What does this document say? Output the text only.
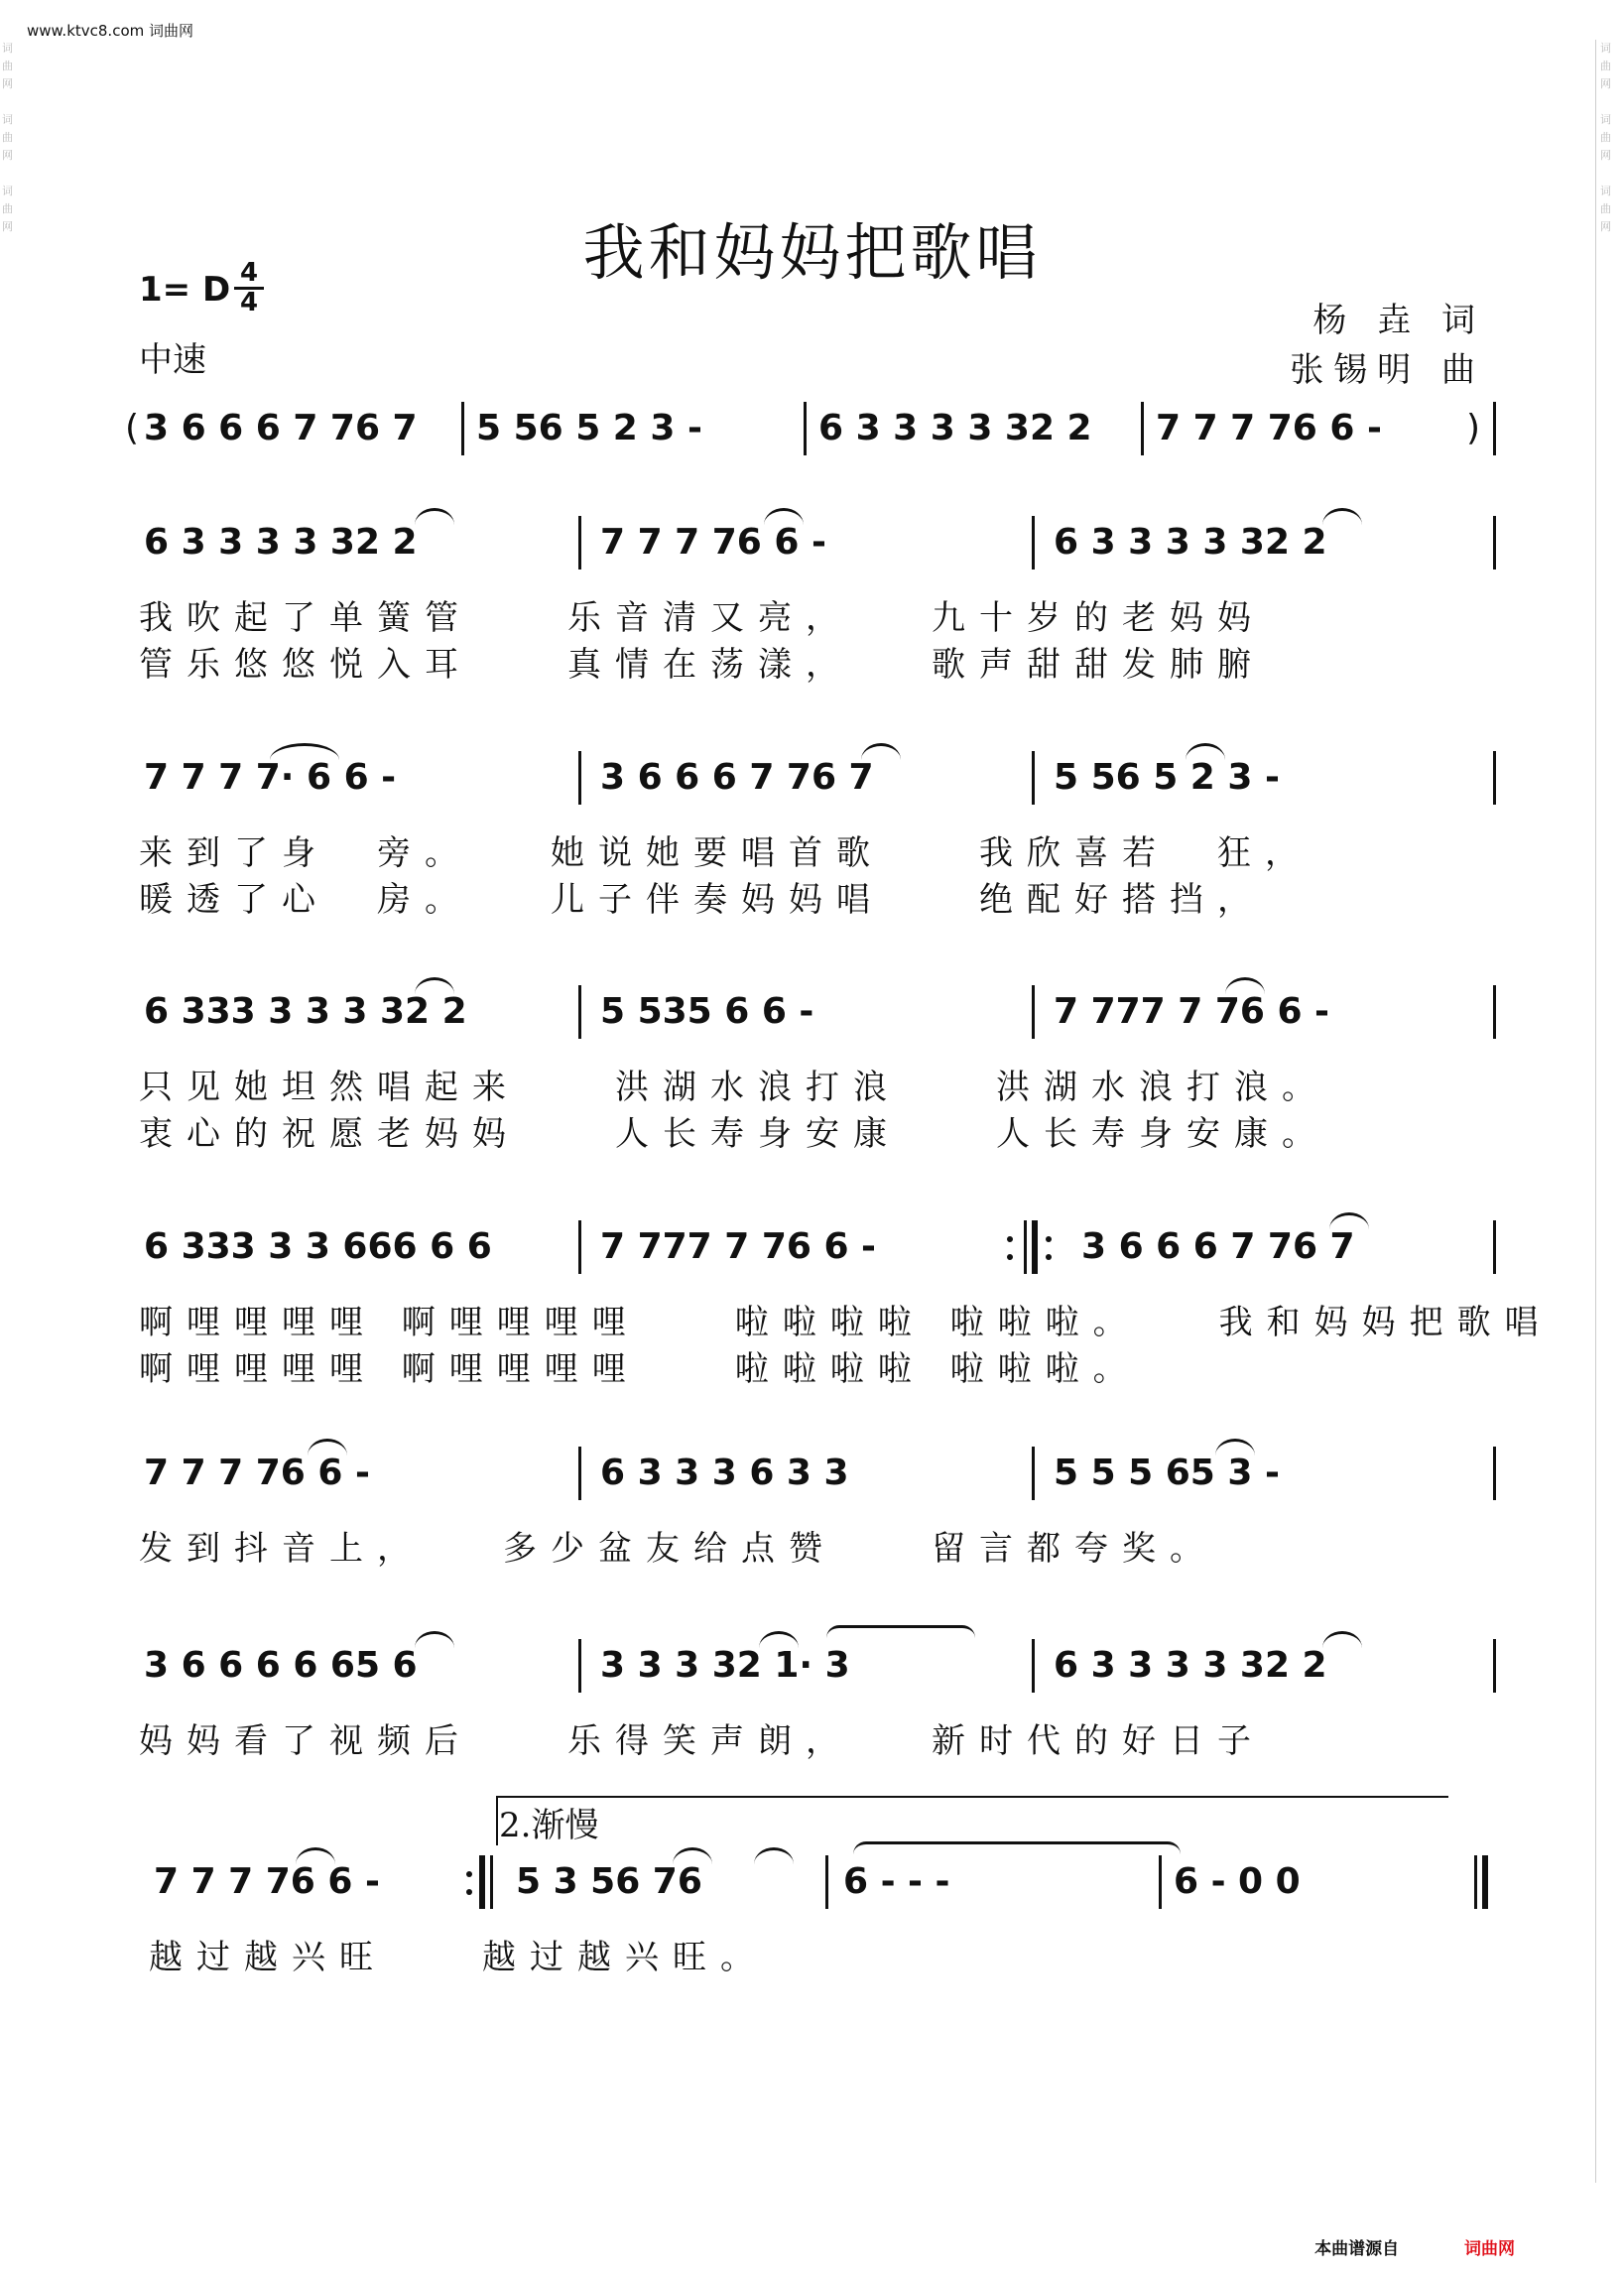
www.ktvc8.com 词曲网
词曲网

词曲网

词曲网
词曲网

词曲网

词曲网
我和妈妈把歌唱
1= D 4
4
中速
杨 垚 词
张锡明 曲
( 3 6 6 6 7 76 7 5 56 5 2 3 -	6 3 3 3 3 32 2 7 7 7 76 6 - )
6 3 3 3 3 32 2	7 7 7 76 6 -	6 3 3 3 3 32 2
我吹起了单簧管　　乐音清又亮，　　九十岁的老妈妈
管乐悠悠悦入耳　　真情在荡漾，　　歌声甜甜发肺腑
7 7 7 7· 6 6 -	3 6 6 6 7 76 7	5 56 5 2 3 -
来到了身　旁。　　她说她要唱首歌　　我欣喜若　狂，
暖透了心　房。　　儿子伴奏妈妈唱　　绝配好搭挡，
6 333 3 3 3 32 2	5 535 6 6 -	7 777 7 76 6 -
只见她坦然唱起来　　洪湖水浪打浪　　洪湖水浪打浪。
衷心的祝愿老妈妈　　人长寿身安康　　人长寿身安康。
6 333 3 3 666 6 6	7 777 7 76 6 -	3 6 6 6 7 76 7
啊哩哩哩哩 啊哩哩哩哩　　啦啦啦啦 啦啦啦。　　我和妈妈把歌唱
啊哩哩哩哩 啊哩哩哩哩　　啦啦啦啦 啦啦啦。
7 7 7 76 6 -	6 3 3 3 6 3 3	5 5 5 65 3 -
发到抖音上，　　多少盆友给点赞　　留言都夸奖。
3 6 6 6 6 65 6	3 3 3 32 1· 3	6 3 3 3 3 32 2
妈妈看了视频后　　乐得笑声朗，　　新时代的好日子
2.渐慢
7 7 7 76 6 -	5 3 56 76	6 - - -	6 - 0 0
越过越兴旺　　越过越兴旺。
本曲谱源自	词曲网
